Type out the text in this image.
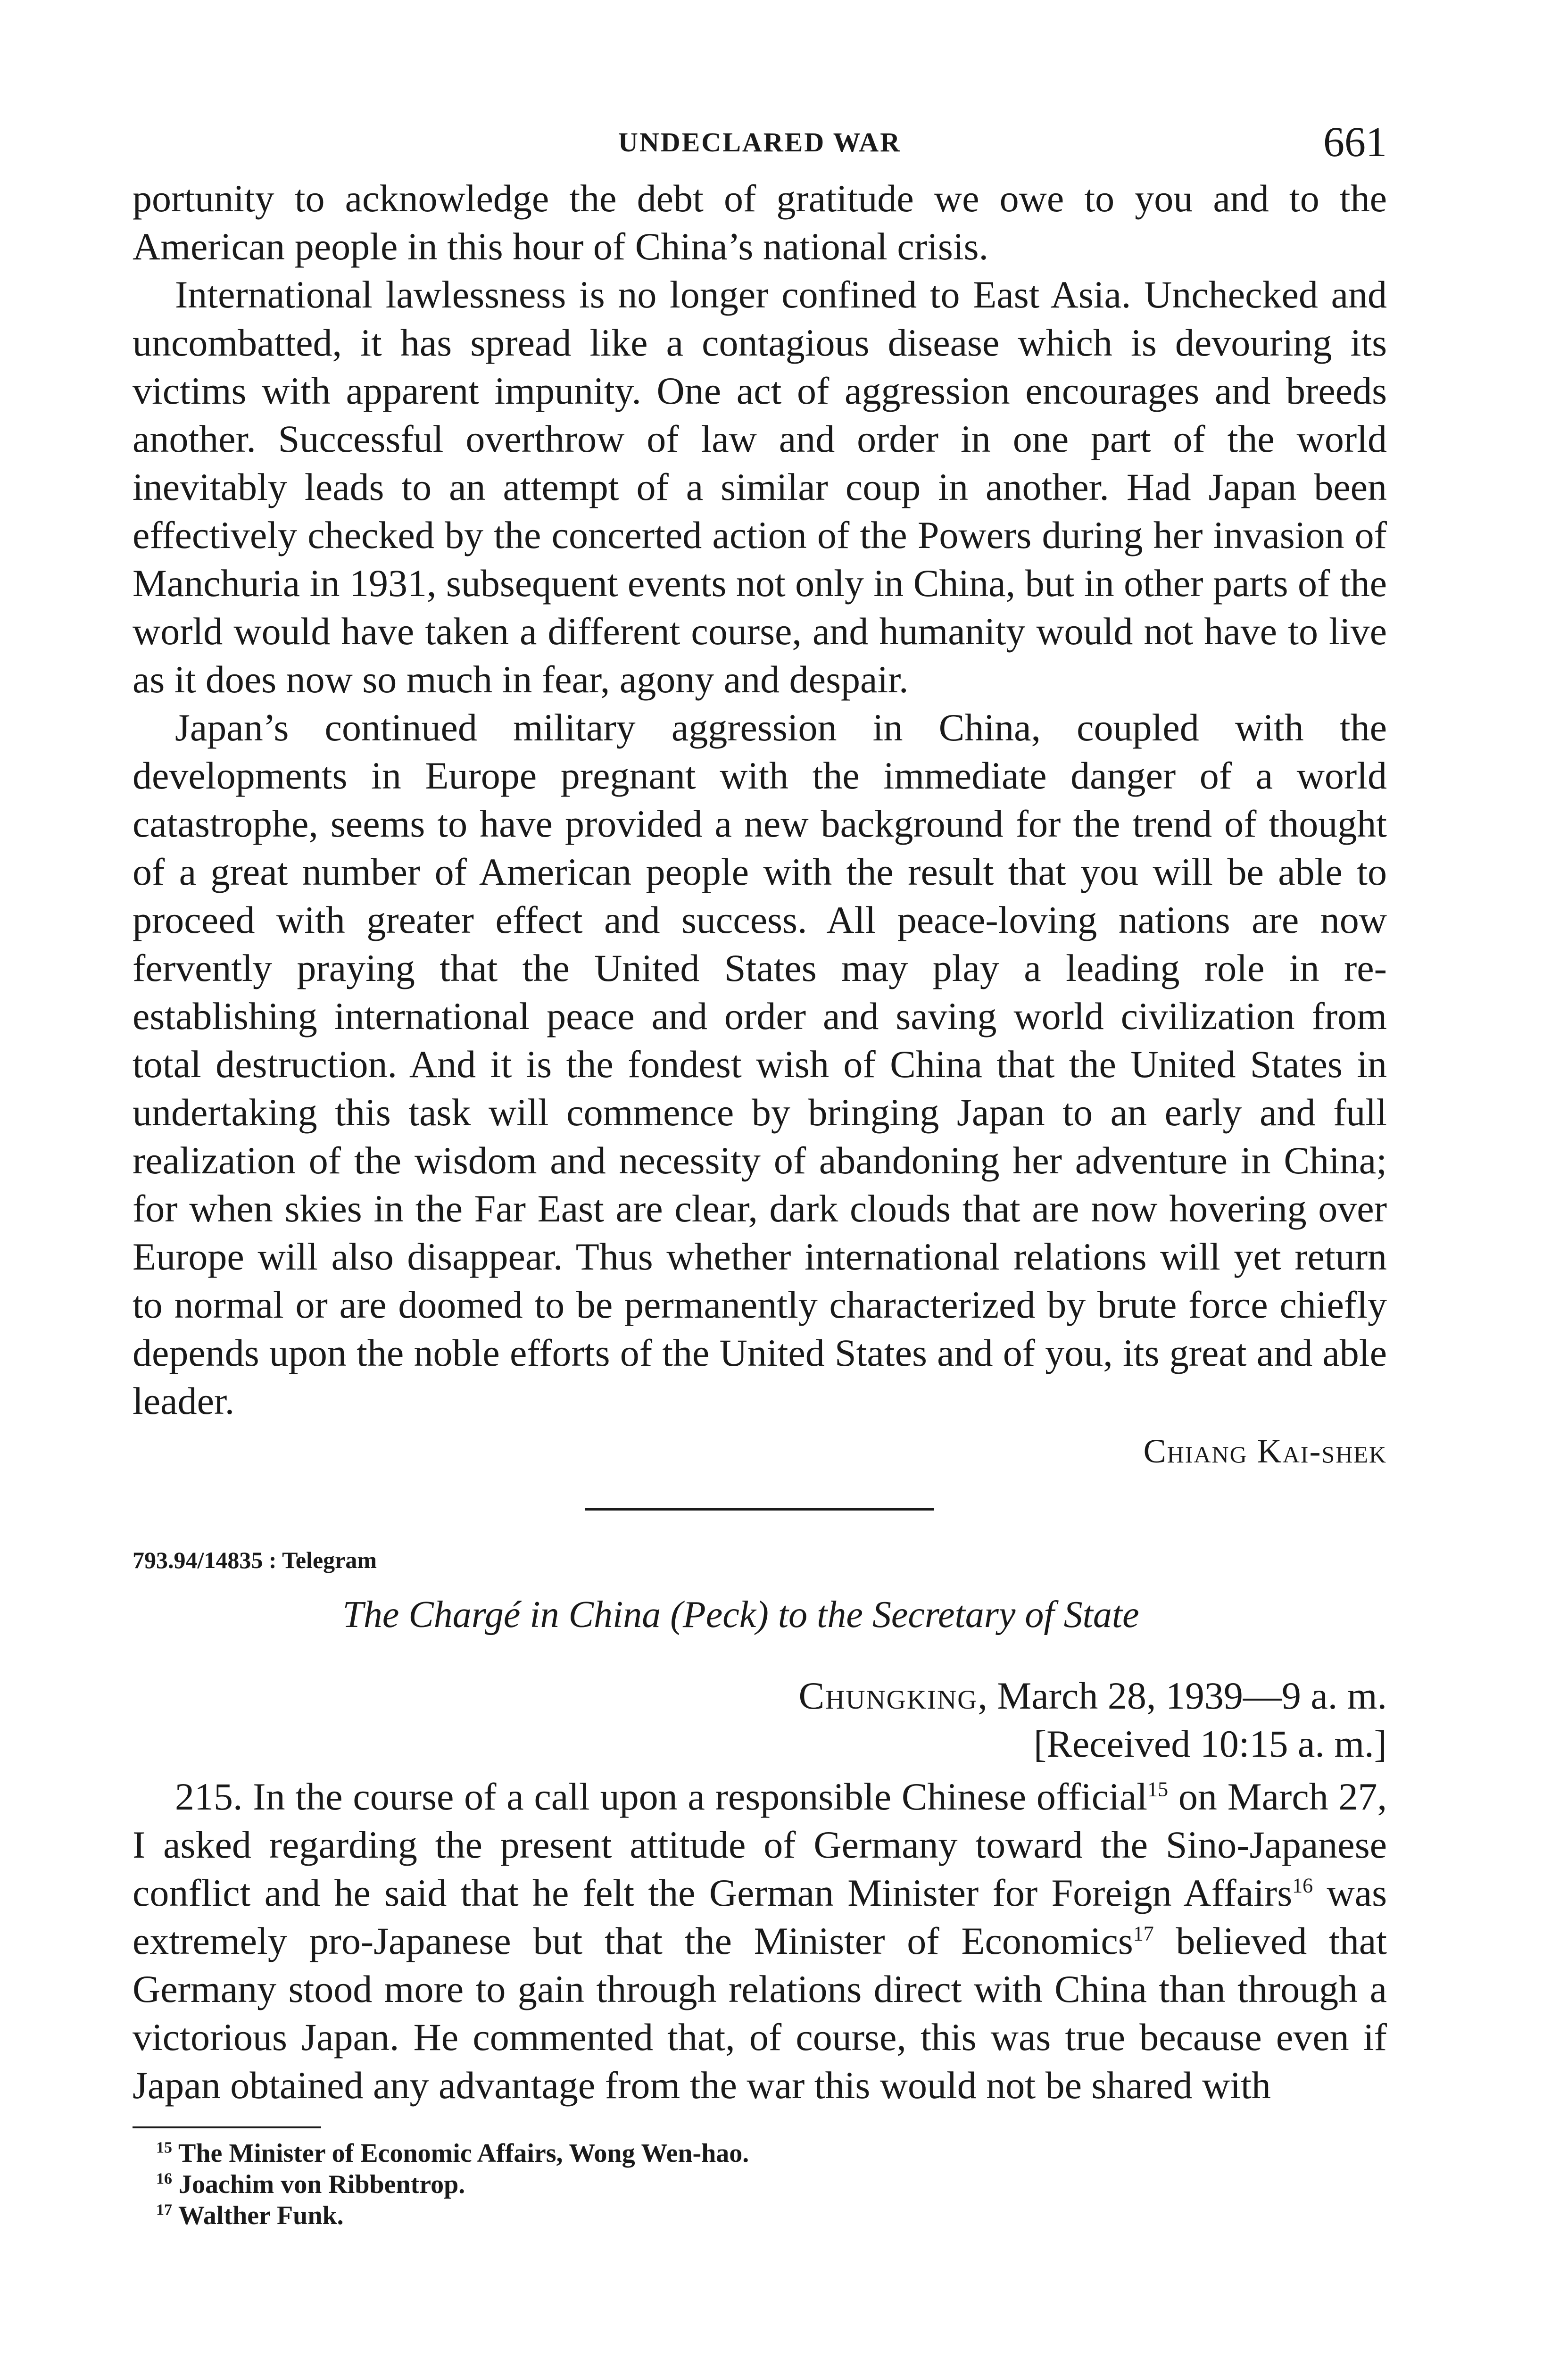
UNDECLARED WAR	661

portunity to acknowledge the debt of gratitude we owe to you and to the American people in this hour of China’s national crisis.

International lawlessness is no longer confined to East Asia. Unchecked and uncombatted, it has spread like a contagious disease which is devouring its victims with apparent impunity. One act of aggression encourages and breeds another. Successful overthrow of law and order in one part of the world inevitably leads to an attempt of a similar coup in another. Had Japan been effectively checked by the concerted action of the Powers during her invasion of Manchuria in 1931, subsequent events not only in China, but in other parts of the world would have taken a different course, and humanity would not have to live as it does now so much in fear, agony and despair.

Japan’s continued military aggression in China, coupled with the developments in Europe pregnant with the immediate danger of a world catastrophe, seems to have provided a new background for the trend of thought of a great number of American people with the result that you will be able to proceed with greater effect and success. All peace-loving nations are now fervently praying that the United States may play a leading role in re-establishing international peace and order and saving world civilization from total destruction. And it is the fondest wish of China that the United States in undertaking this task will commence by bringing Japan to an early and full realization of the wisdom and necessity of abandoning her adventure in China; for when skies in the Far East are clear, dark clouds that are now hovering over Europe will also disappear. Thus whether international relations will yet return to normal or are doomed to be permanently characterized by brute force chiefly depends upon the noble efforts of the United States and of you, its great and able leader.

Chiang Kai-shek
793.94/14835 : Telegram
The Chargé in China (Peck) to the Secretary of State
Chungking, March 28, 1939—9 a. m.
[Received 10:15 a. m.]

215. In the course of a call upon a responsible Chinese official$^{15}$ on March 27, I asked regarding the present attitude of Germany toward the Sino-Japanese conflict and he said that he felt the German Minister for Foreign Affairs$^{16}$ was extremely pro-Japanese but that the Minister of Economics$^{17}$ believed that Germany stood more to gain through relations direct with China than through a victorious Japan. He commented that, of course, this was true because even if Japan obtained any advantage from the war this would not be shared with

$^{15}$ The Minister of Economic Affairs, Wong Wen-hao.
$^{16}$ Joachim von Ribbentrop.
$^{17}$ Walther Funk.
